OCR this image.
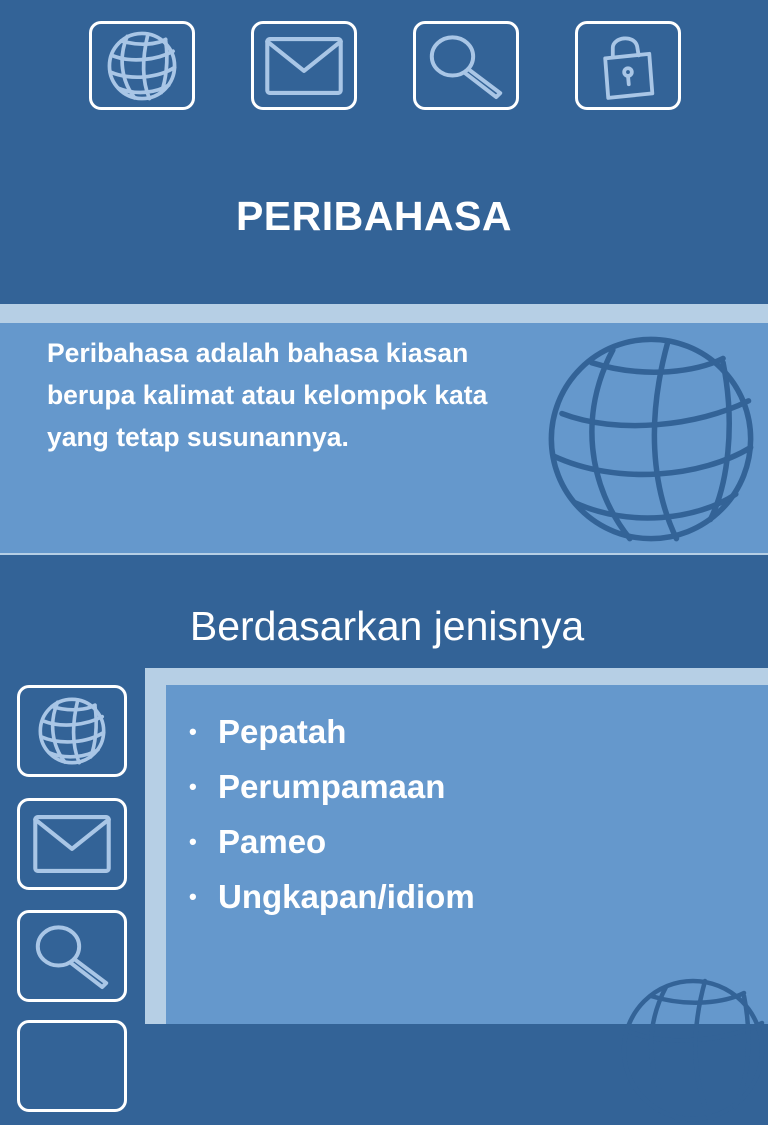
PERIBAHASA
Peribahasa adalah bahasa kiasan
berupa kalimat atau kelompok kata
yang tetap susunannya.
Berdasarkan jenisnya
• Pepatah
• Perumpamaan
• Pameo
• Ungkapan/idiom
